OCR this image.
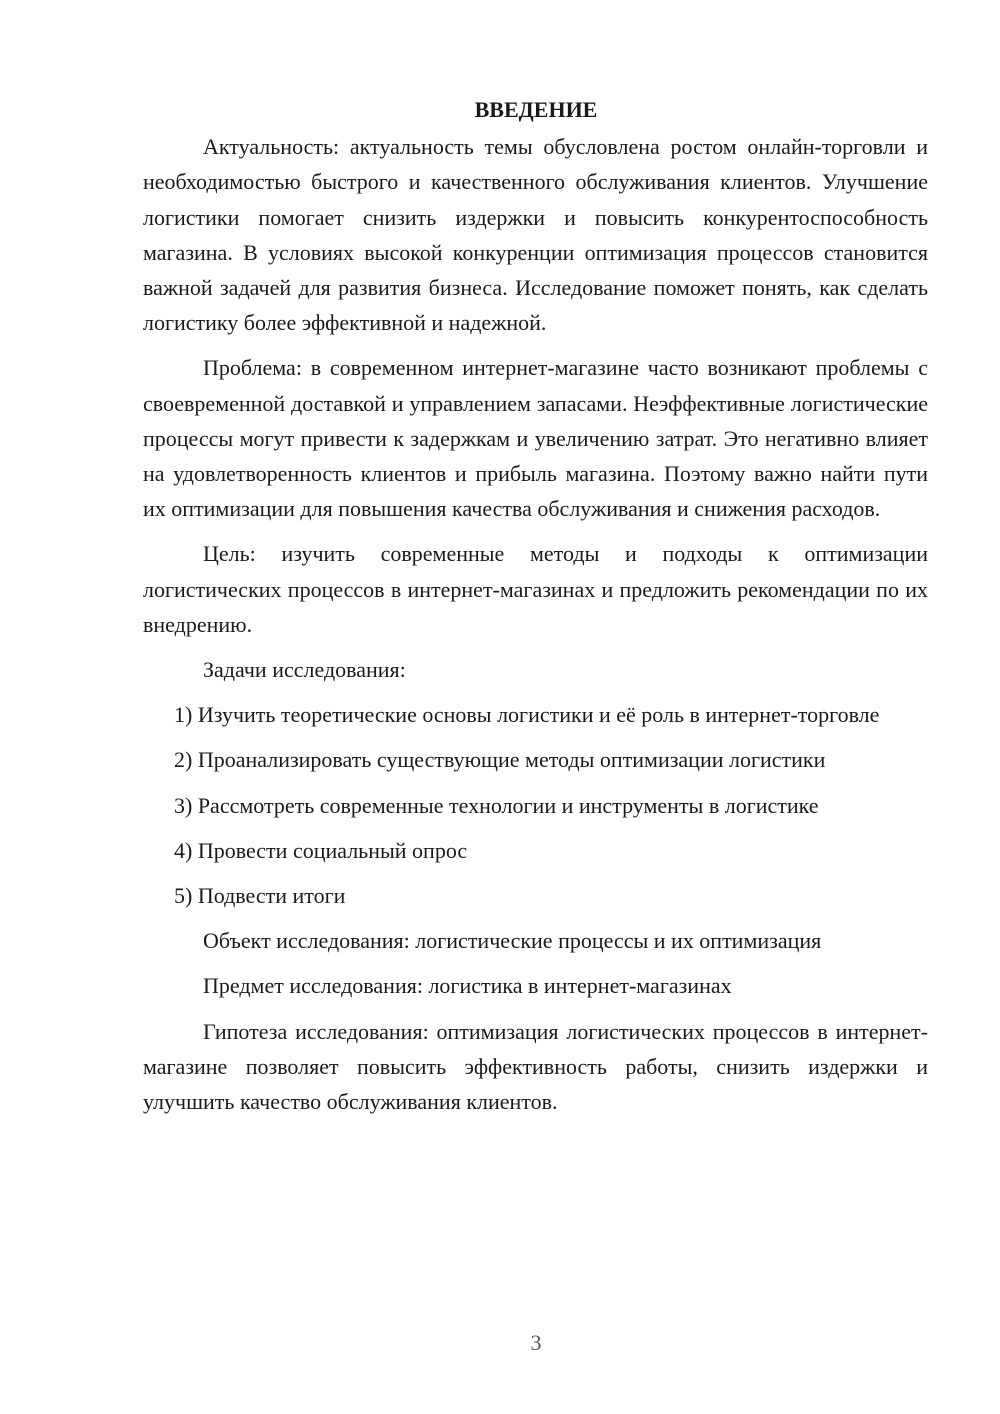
ВВЕДЕНИЕ

Актуальность: актуальность темы обусловлена ростом онлайн-торговли и необходимостью быстрого и качественного обслуживания клиентов. Улучшение логистики помогает снизить издержки и повысить конкурентоспособность магазина. В условиях высокой конкуренции оптимизация процессов становится важной задачей для развития бизнеса. Исследование поможет понять, как сделать логистику более эффективной и надежной.

Проблема: в современном интернет-магазине часто возникают проблемы с своевременной доставкой и управлением запасами. Неэффективные логистические процессы могут привести к задержкам и увеличению затрат. Это негативно влияет на удовлетворенность клиентов и прибыль магазина. Поэтому важно найти пути их оптимизации для повышения качества обслуживания и снижения расходов.

Цель: изучить современные методы и подходы к оптимизации логистических процессов в интернет-магазинах и предложить рекомендации по их внедрению.

Задачи исследования:

1) Изучить теоретические основы логистики и её роль в интернет-торговле

2) Проанализировать существующие методы оптимизации логистики

3) Рассмотреть современные технологии и инструменты в логистике

4) Провести социальный опрос

5) Подвести итоги

Объект исследования: логистические процессы и их оптимизация

Предмет исследования: логистика в интернет-магазинах

Гипотеза исследования: оптимизация логистических процессов в интернет-магазине позволяет повысить эффективность работы, снизить издержки и улучшить качество обслуживания клиентов.

3
